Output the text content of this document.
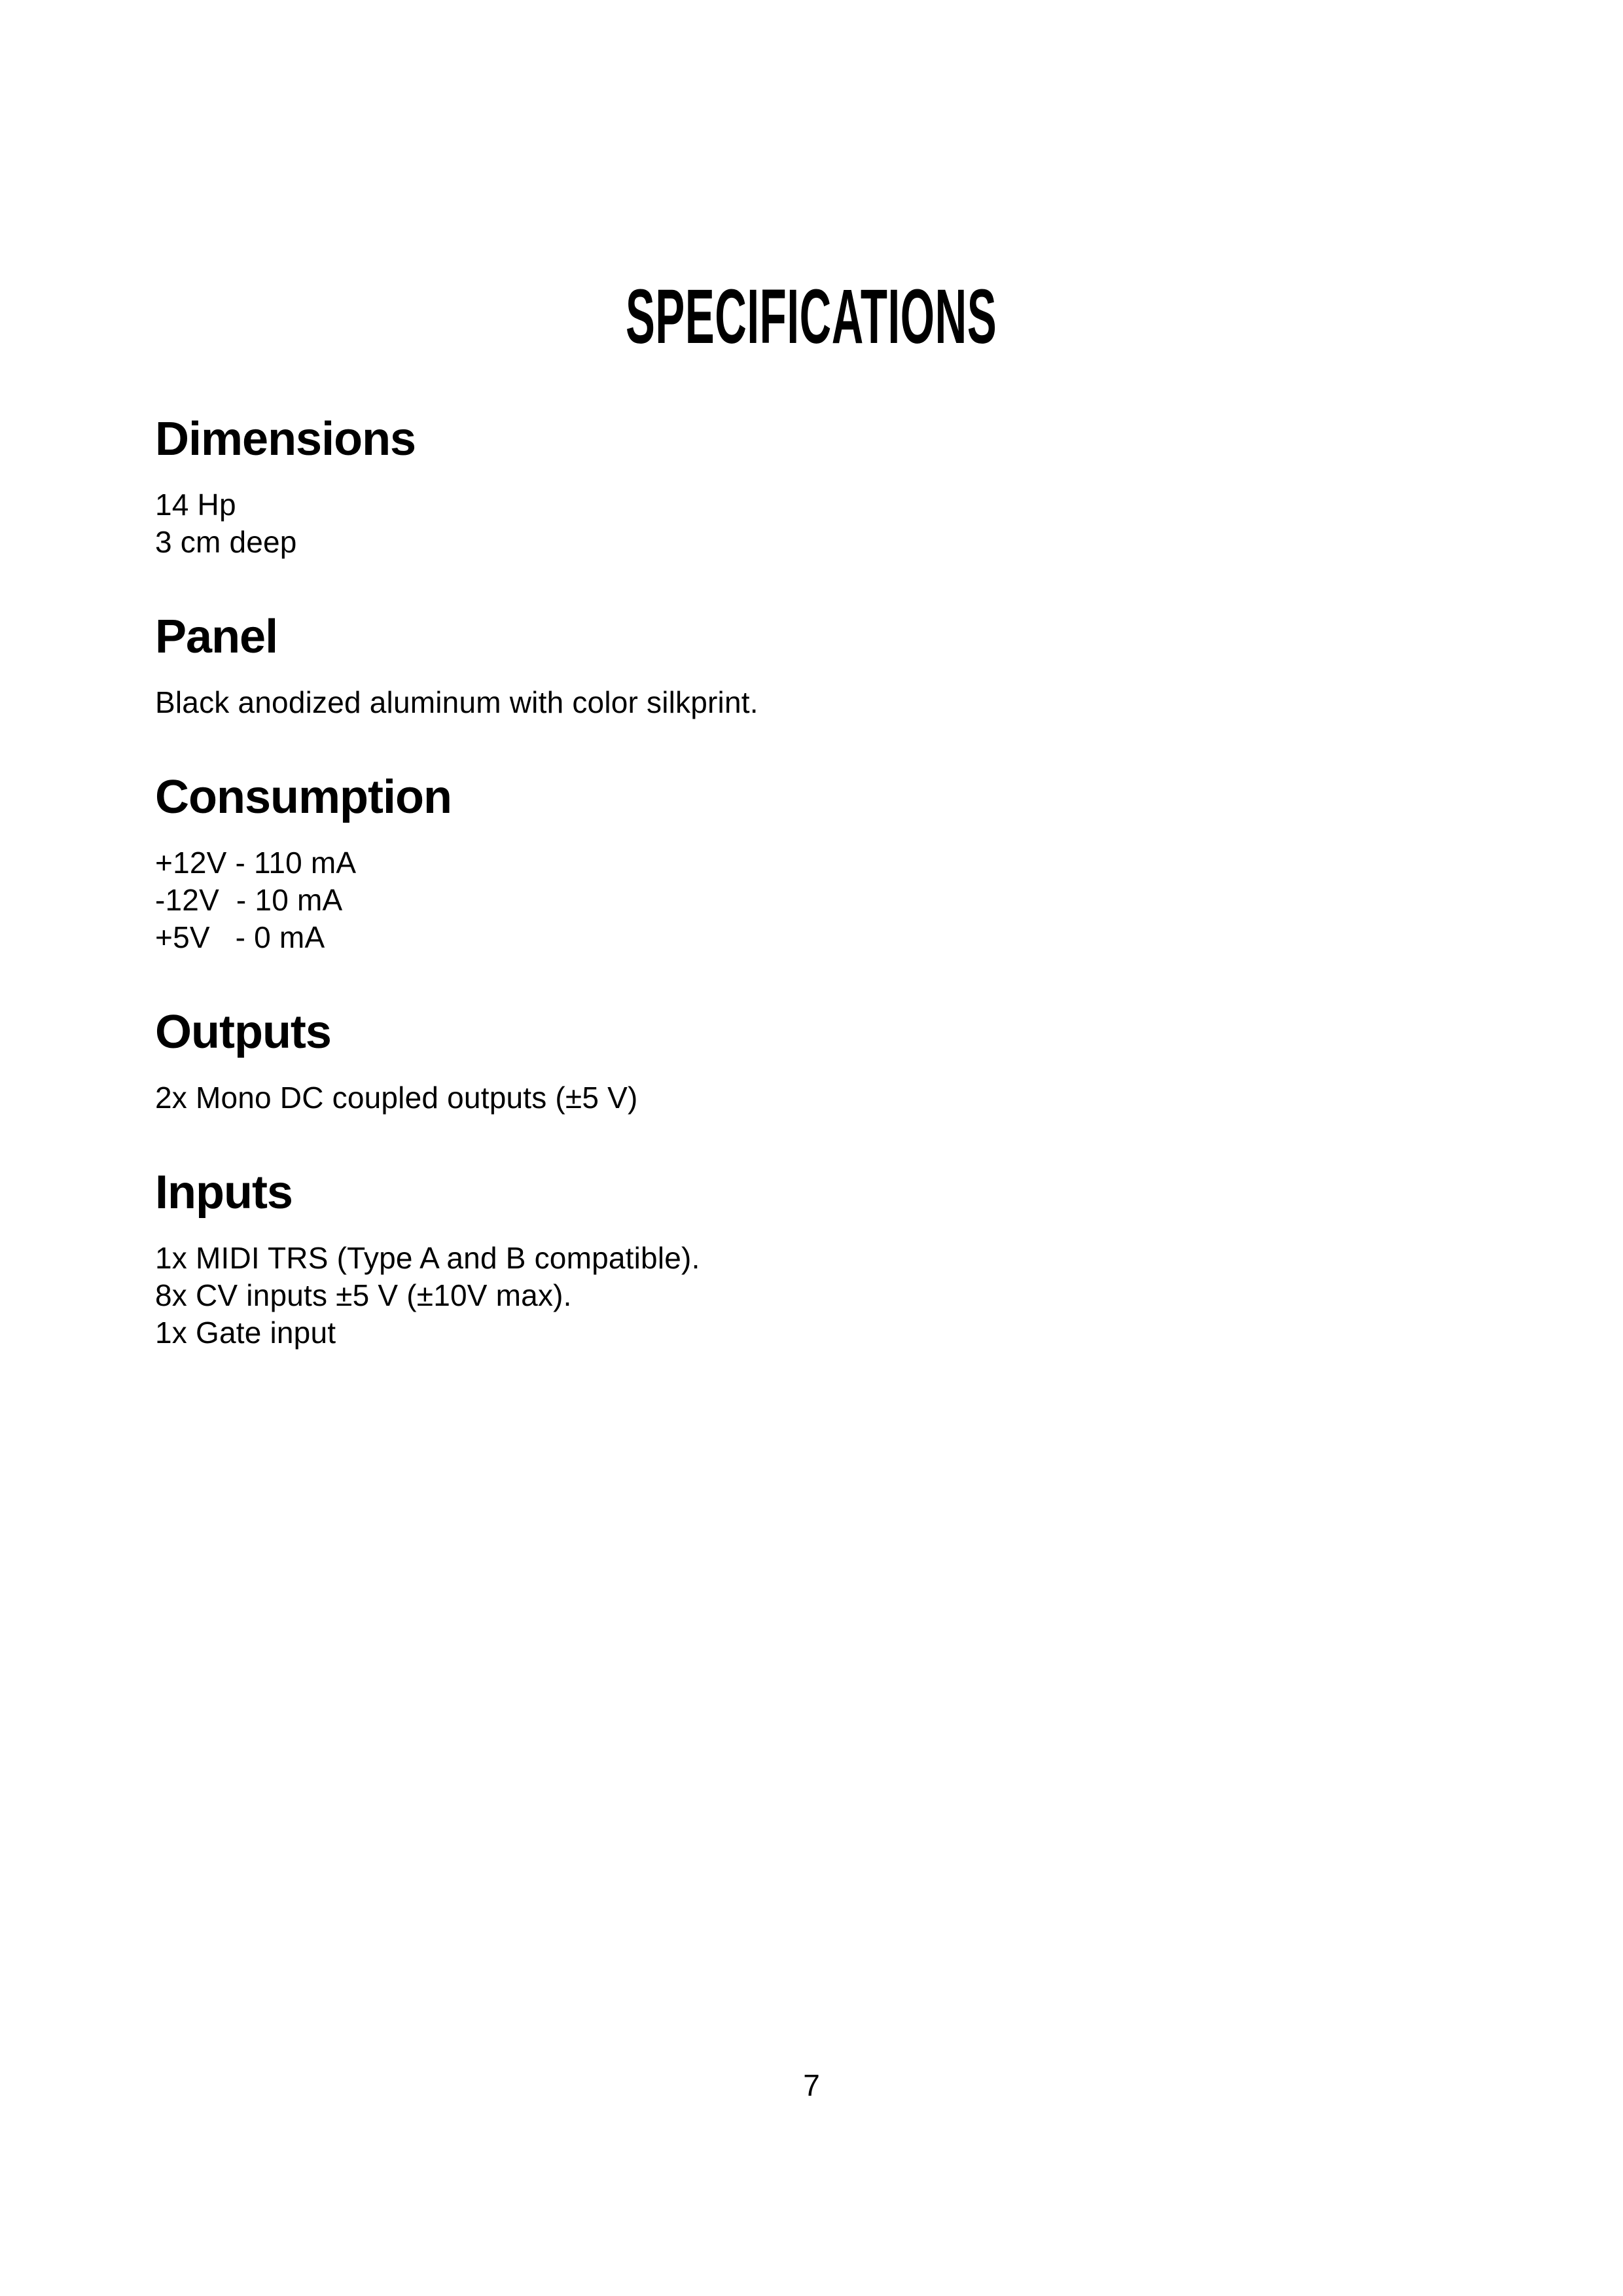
SPECIFICATIONS
Dimensions

14 Hp

3 cm deep

Panel

Black anodized aluminum with color silkprint.

Consumption

+12V - 110 mA

-12V  - 10 mA

+5V   - 0 mA

Outputs

2x Mono DC coupled outputs (±5 V)

Inputs

1x MIDI TRS (Type A and B compatible).

8x CV inputs ±5 V (±10V max).

1x Gate input

7
